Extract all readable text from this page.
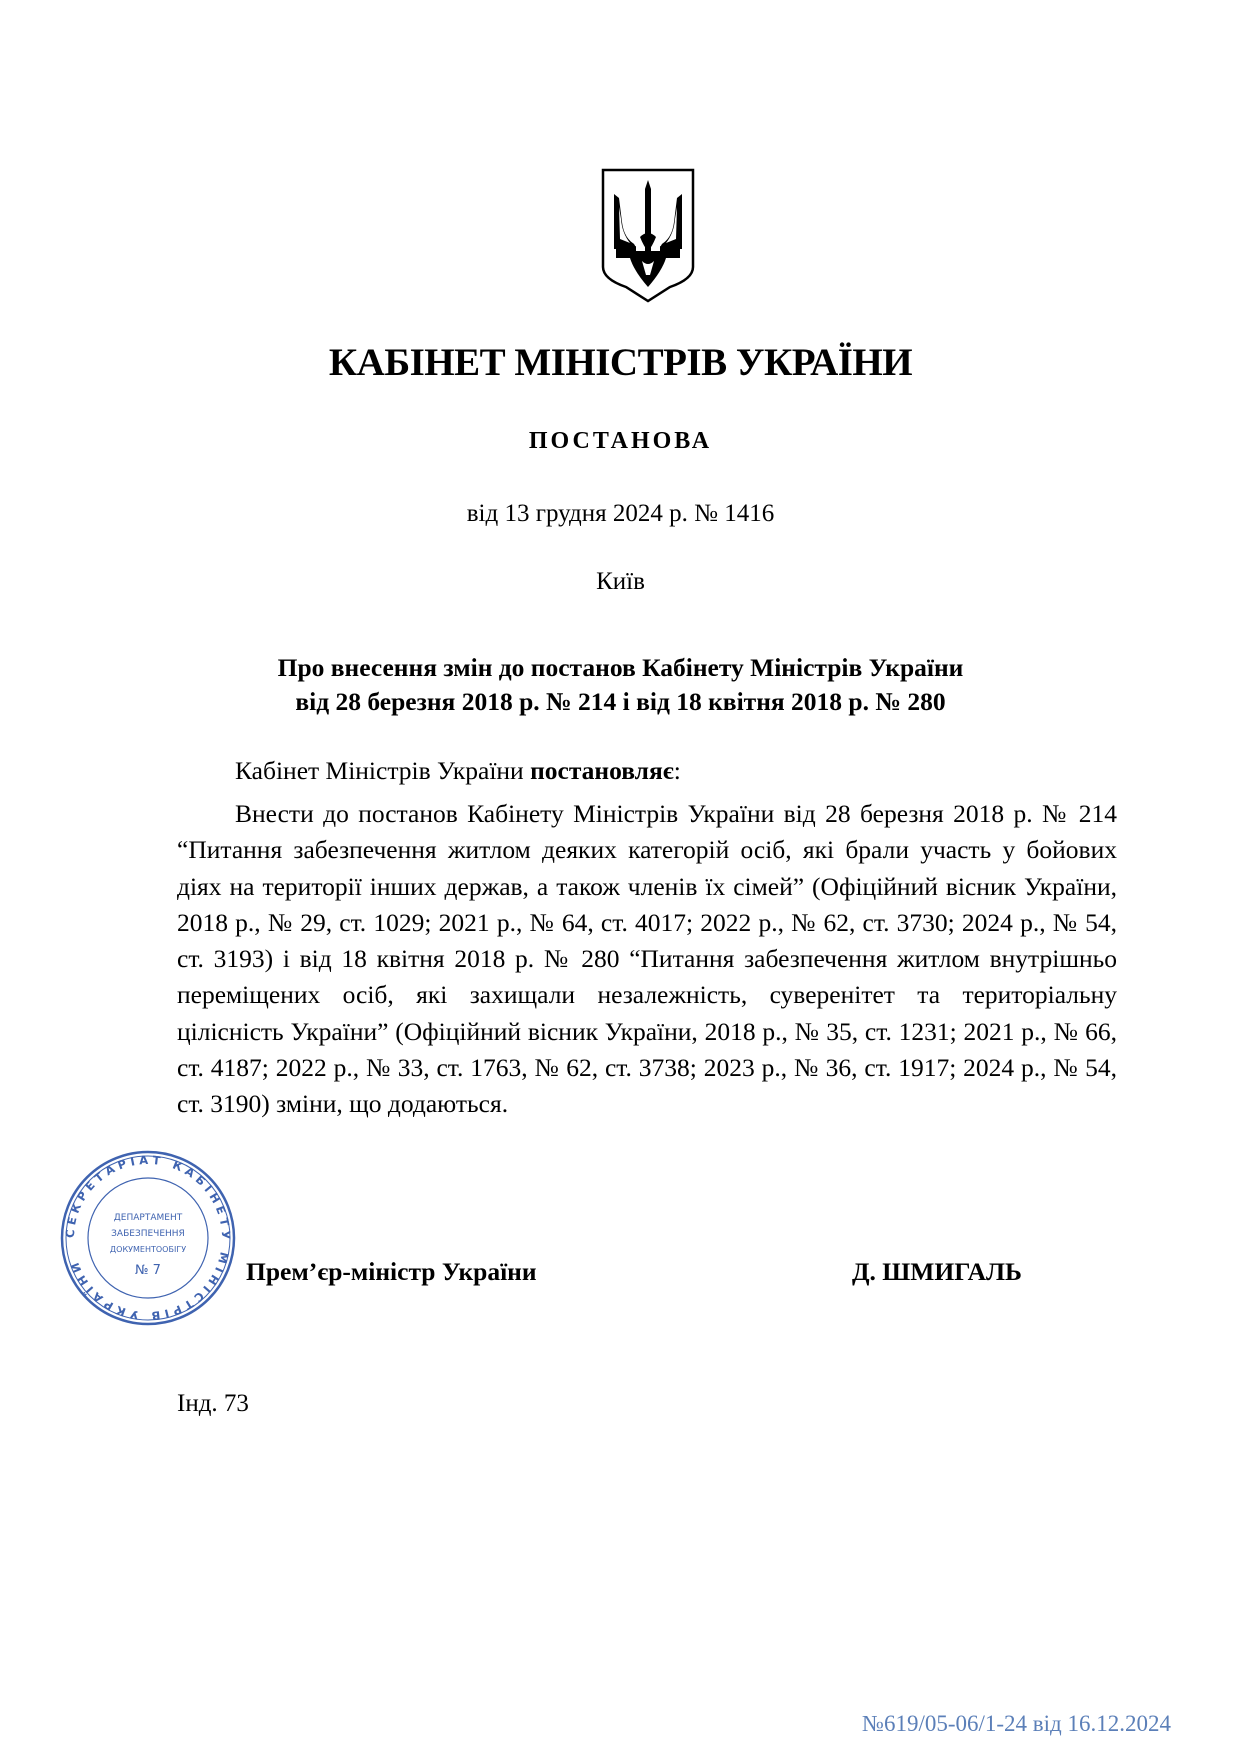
КАБІНЕТ МІНІСТРІВ УКРАЇНИ
ПОСТАНОВА
від 13 грудня 2024 р. № 1416
Київ
Про внесення змін до постанов Кабінету Міністрів України
від 28 березня 2018 р. № 214 і від 18 квітня 2018 р. № 280
Кабінет Міністрів України постановляє:
Внести до постанов Кабінету Міністрів України від 28 березня 2018 р. № 214 “Питання забезпечення житлом деяких категорій осіб, які брали участь у бойових діях на території інших держав, а також членів їх сімей” (Офіційний вісник України, 2018 р., № 29, ст. 1029; 2021 р., № 64, ст. 4017; 2022 р., № 62, ст. 3730; 2024 р., № 54, ст. 3193) і від 18 квітня 2018 р. № 280 “Питання забезпечення житлом внутрішньо переміщених осіб, які захищали незалежність, суверенітет та територіальну цілісність України” (Офіційний вісник України, 2018 р., № 35, ст. 1231; 2021 р., № 66, ст. 4187; 2022 р., № 33, ст. 1763, № 62, ст. 3738; 2023 р., № 36, ст. 1917; 2024 р., № 54, ст. 3190) зміни, що додаються.
СЕКРЕТАРІАТ КАБІНЕТУ МІНІСТРІВ УКРАЇНИ
ДЕПАРТАМЕНТ
ЗАБЕЗПЕЧЕННЯ
ДОКУМЕНТООБІГУ
№ 7	Прем’єр-міністр України	Д. ШМИГАЛЬ
Інд. 73
№619/05-06/1-24 від 16.12.2024
